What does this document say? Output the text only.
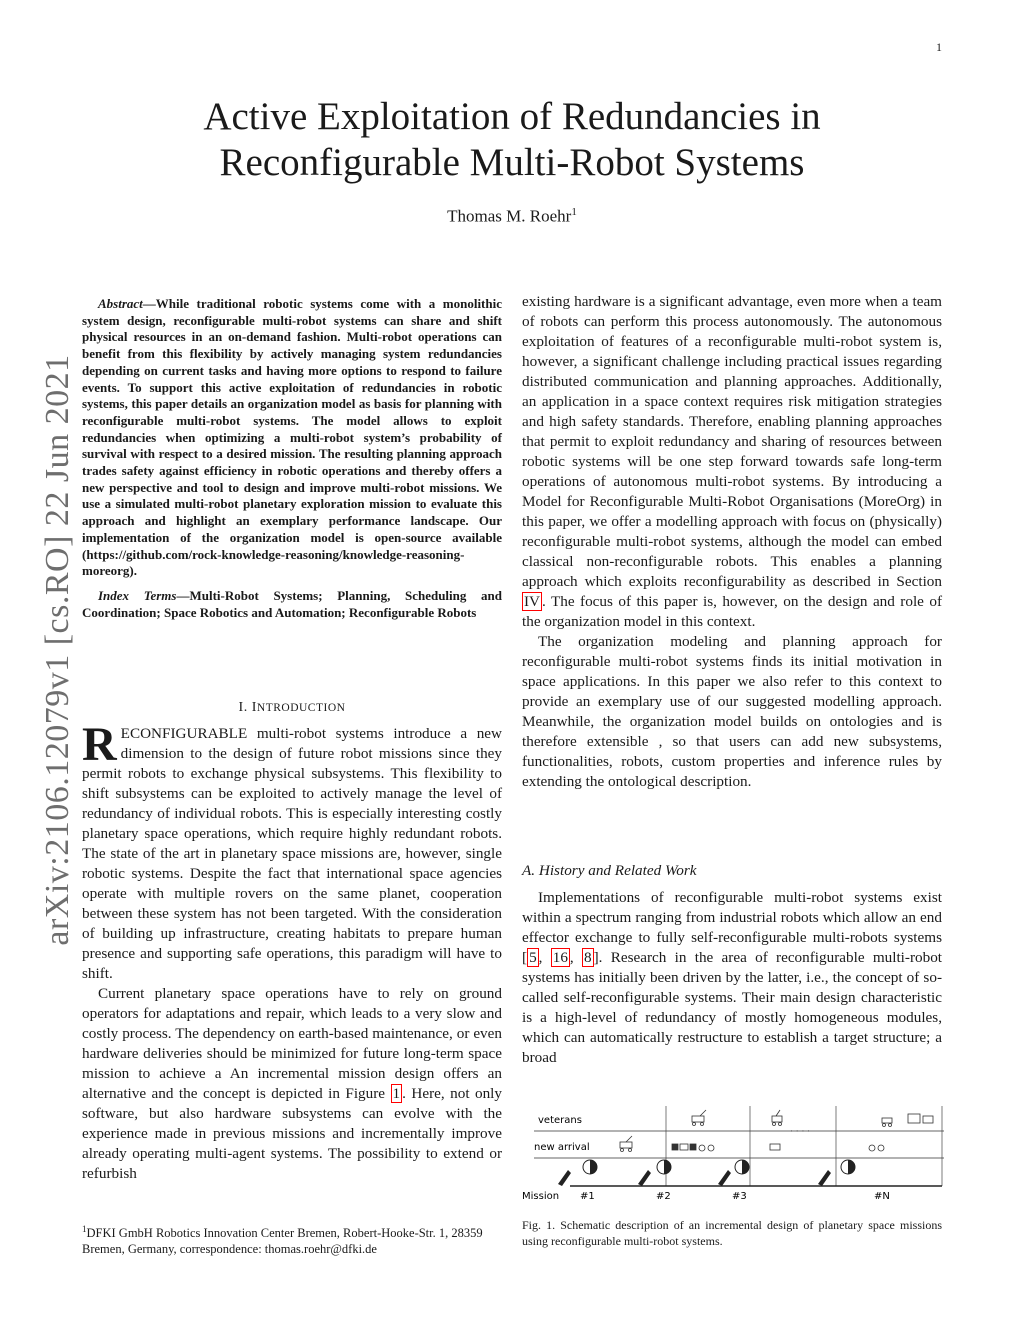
1
arXiv:2106.12079v1 [cs.RO] 22 Jun 2021
Active Exploitation of Redundancies in
Reconfigurable Multi-Robot Systems
Thomas M. Roehr$^1$

Abstract—While traditional robotic systems come with a monolithic system design, reconfigurable multi-robot systems can share and shift physical resources in an on-demand fashion. Multi-robot operations can benefit from this flexibility by actively managing system redundancies depending on current tasks and having more options to respond to failure events. To support this active exploitation of redundancies in robotic systems, this paper details an organization model as basis for planning with reconfigurable multi-robot systems. The model allows to exploit redundancies when optimizing a multi-robot system’s probability of survival with respect to a desired mission. The resulting planning approach trades safety against efficiency in robotic operations and thereby offers a new perspective and tool to design and improve multi-robot missions. We use a simulated multi-robot planetary exploration mission to evaluate this approach and highlight an exemplary performance landscape. Our implementation of the organization model is open-source available (https://github.com/rock-knowledge-reasoning/knowledge-reasoning-moreorg).

Index Terms—Multi-Robot Systems; Planning, Scheduling and Coordination; Space Robotics and Automation; Reconfigurable Robots

I. INTRODUCTION

RECONFIGURABLE multi-robot systems introduce a new dimension to the design of future robot missions since they permit robots to exchange physical subsystems. This flexibility to shift subsystems can be exploited to actively manage the level of redundancy of individual robots. This is especially interesting costly planetary space operations, which require highly redundant robots. The state of the art in planetary space missions are, however, single robotic systems. Despite the fact that international space agencies operate with multiple rovers on the same planet, cooperation between these system has not been targeted. With the consideration of building up infrastructure, creating habitats to prepare human presence and supporting safe operations, this paradigm will have to shift.

Current planetary space operations have to rely on ground operators for adaptations and repair, which leads to a very slow and costly process. The dependency on earth-based maintenance, or even hardware deliveries should be minimized for future long-term space mission to achieve a An incremental mission design offers an alternative and the concept is depicted in Figure 1 . Here, not only software, but also hardware subsystems can evolve with the experience made in previous missions and incrementally improve already operating multi-agent systems. The possibility to extend or refurbish

existing hardware is a significant advantage, even more when a team of robots can perform this process autonomously. The autonomous exploitation of features of a reconfigurable multi-robot system is, however, a significant challenge including practical issues regarding distributed communication and planning approaches. Additionally, an application in a space context requires risk mitigation strategies and high safety standards. Therefore, enabling planning approaches that permit to exploit redundancy and sharing of resources between robotic systems will be one step forward towards safe long-term operations of autonomous multi-robot systems. By introducing a Model for Reconfigurable Multi-Robot Organisations (MoreOrg) in this paper, we offer a modelling approach with focus on (physically) reconfigurable multi-robot systems, although the model can embed classical non-reconfigurable robots. This enables a planning approach which exploits reconfigurability as described in Section IV . The focus of this paper is, however, on the design and role of the organization model in this context.

The organization modeling and planning approach for reconfigurable multi-robot systems finds its initial motivation in space applications. In this paper we also refer to this context to provide an exemplary use of our suggested modelling approach. Meanwhile, the organization model builds on ontologies and is therefore extensible , so that users can add new subsystems, functionalities, robots, custom properties and inference rules by extending the ontological description.

A. History and Related Work

Implementations of reconfigurable multi-robot systems exist within a spectrum ranging from industrial robots which allow an end effector exchange to fully self-reconfigurable multi-robots systems [ 5 , 16 , 8 ]. Research in the area of reconfigurable multi-robot systems has initially been driven by the latter, i.e., the concept of so-called self-reconfigurable systems. Their main design characteristic is a high-level of redundancy of mostly homogeneous modules, which can automatically restructure to establish a target structure; a broad

veterans
new arrival
· · · ·
Mission #1	#2	#3	#N
Fig. 1. Schematic description of an incremental design of planetary space missions using reconfigurable multi-robot systems.
$^1$DFKI GmbH Robotics Innovation Center Bremen, Robert-Hooke-Str. 1, 28359 Bremen, Germany, correspondence: thomas.roehr@dfki.de
